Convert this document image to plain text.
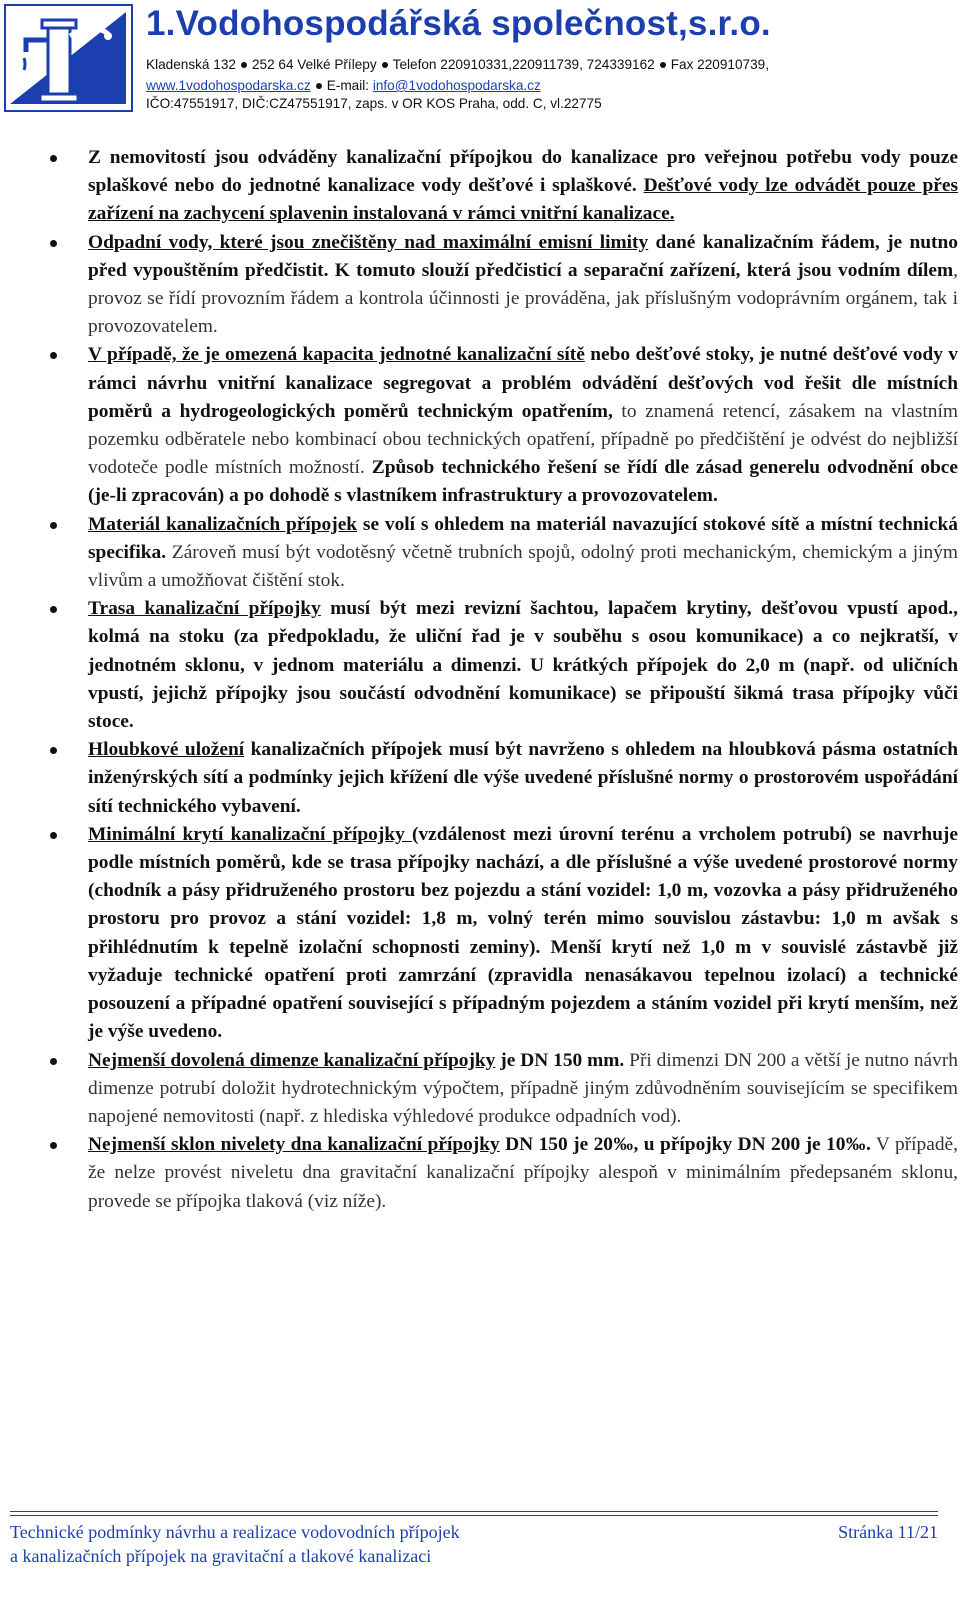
1.Vodohospodářská společnost,s.r.o.
Kladenská 132 252 64 Velké Přílepy Telefon 220910331,220911739, 724339162 Fax 220910739,
www.1vodohospodarska.cz E-mail: info@1vodohospodarska.cz
IČO:47551917, DIČ:CZ47551917, zaps. v OR KOS Praha, odd. C, vl.22775
Z nemovitostí jsou odváděny kanalizační přípojkou do kanalizace pro veřejnou potřebu vody pouze splaškové nebo do jednotné kanalizace vody dešťové i splaškové. Dešťové vody lze odvádět pouze přes zařízení na zachycení splavenin instalovaná v rámci vnitřní kanalizace.
Odpadní vody, které jsou znečištěny nad maximální emisní limity dané kanalizačním řádem, je nutno před vypouštěním předčistit. K tomuto slouží předčisticí a separační zařízení, která jsou vodním dílem, provoz se řídí provozním řádem a kontrola účinnosti je prováděna, jak příslušným vodoprávním orgánem, tak i provozovatelem.
V případě, že je omezená kapacita jednotné kanalizační sítě nebo dešťové stoky, je nutné dešťové vody v rámci návrhu vnitřní kanalizace segregovat a problém odvádění dešťových vod řešit dle místních poměrů a hydrogeologických poměrů technickým opatřením, to znamená retencí, zásakem na vlastním pozemku odběratele nebo kombinací obou technických opatření, případně po předčištění je odvést do nejbližší vodoteče podle místních možností. Způsob technického řešení se řídí dle zásad generelu odvodnění obce (je-li zpracován) a po dohodě s vlastníkem infrastruktury a provozovatelem.
Materiál kanalizačních přípojek se volí s ohledem na materiál navazující stokové sítě a místní technická specifika. Zároveň musí být vodotěsný včetně trubních spojů, odolný proti mechanickým, chemickým a jiným vlivům a umožňovat čištění stok.
Trasa kanalizační přípojky musí být mezi revizní šachtou, lapačem krytiny, dešťovou vpustí apod., kolmá na stoku (za předpokladu, že uliční řad je v souběhu s osou komunikace) a co nejkratší, v jednotném sklonu, v jednom materiálu a dimenzi. U krátkých přípojek do 2,0 m (např. od uličních vpustí, jejichž přípojky jsou součástí odvodnění komunikace) se připouští šikmá trasa přípojky vůči stoce.
Hloubkové uložení kanalizačních přípojek musí být navrženo s ohledem na hloubková pásma ostatních inženýrských sítí a podmínky jejich křížení dle výše uvedené příslušné normy o prostorovém uspořádání sítí technického vybavení.
Minimální krytí kanalizační přípojky (vzdálenost mezi úrovní terénu a vrcholem potrubí) se navrhuje podle místních poměrů, kde se trasa přípojky nachází, a dle příslušné a výše uvedené prostorové normy (chodník a pásy přidruženého prostoru bez pojezdu a stání vozidel: 1,0 m, vozovka a pásy přidruženého prostoru pro provoz a stání vozidel: 1,8 m, volný terén mimo souvislou zástavbu: 1,0 m avšak s přihlédnutím k tepelně izolační schopnosti zeminy). Menší krytí než 1,0 m v souvislé zástavbě již vyžaduje technické opatření proti zamrzání (zpravidla nenasákavou tepelnou izolací) a technické posouzení a případné opatření související s případným pojezdem a stáním vozidel při krytí menším, než je výše uvedeno.
Nejmenší dovolená dimenze kanalizační přípojky je DN 150 mm. Při dimenzi DN 200 a větší je nutno návrh dimenze potrubí doložit hydrotechnickým výpočtem, případně jiným zdůvodněním souvisejícím se specifikem napojené nemovitosti (např. z hlediska výhledové produkce odpadních vod).
Nejmenší sklon nivelety dna kanalizační přípojky DN 150 je 20‰, u přípojky DN 200 je 10‰. V případě, že nelze provést niveletu dna gravitační kanalizační přípojky alespoň v minimálním předepsaném sklonu, provede se přípojka tlaková (viz níže).
Technické podmínky návrhu a realizace vodovodních přípojek
a kanalizačních přípojek na gravitační a tlakové kanalizaci
Stránka 11/21
